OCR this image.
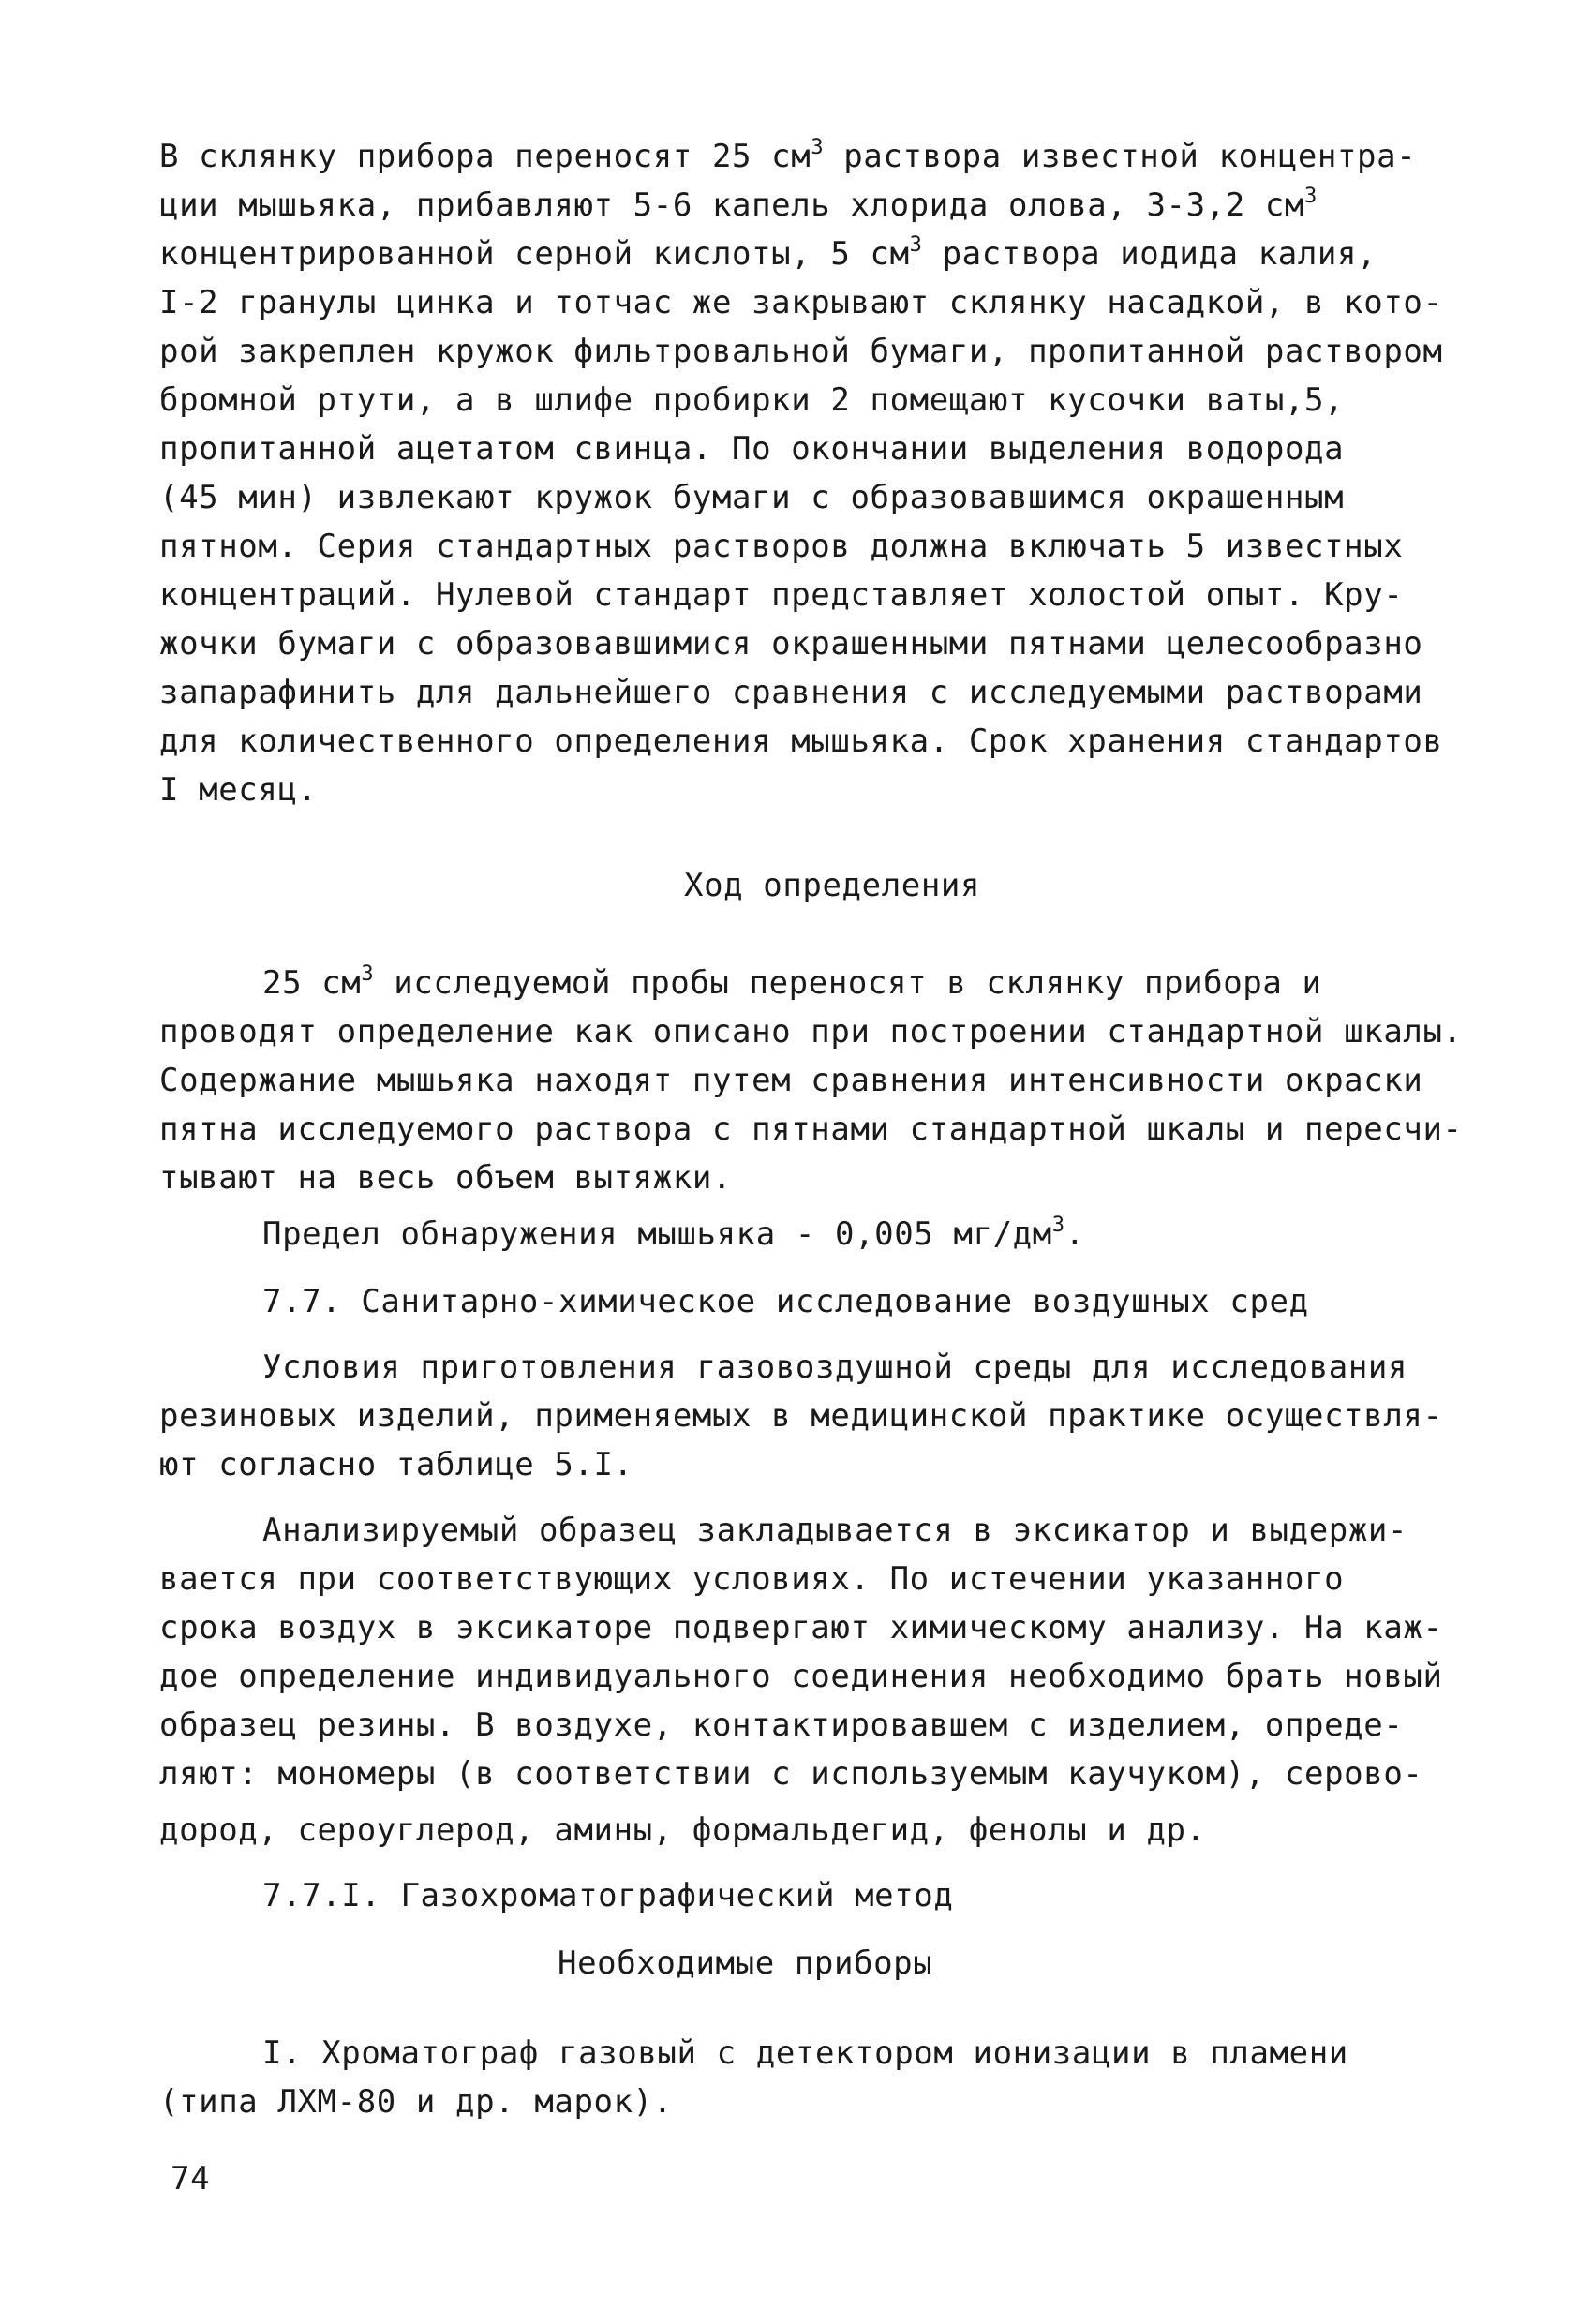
В склянку прибора переносят 25 $см^3$ раствора известной концентра-
ции мышьяка, прибавляют 5-6 капель хлорида олова, 3-3,2 $см^3$
концентрированной серной кислоты, 5 $см^3$ раствора иодида калия,
I-2 гранулы цинка и тотчас же закрывают склянку насадкой, в кото-
рой закреплен кружок фильтровальной бумаги, пропитанной раствором
бромной ртути, а в шлифе пробирки 2 помещают кусочки ваты,5,
пропитанной ацетатом свинца. По окончании выделения водорода
(45 мин) извлекают кружок бумаги с образовавшимся окрашенным
пятном. Серия стандартных растворов должна включать 5 известных
концентраций. Нулевой стандарт представляет холостой опыт. Кру-
жочки бумаги с образовавшимися окрашенными пятнами целесообразно
запарафинить для дальнейшего сравнения с исследуемыми растворами
для количественного определения мышьяка. Срок хранения стандартов
I месяц.
Ход определения
25 $см^3$ исследуемой пробы переносят в склянку прибора и
проводят определение как описано при построении стандартной шкалы.
Содержание мышьяка находят путем сравнения интенсивности окраски
пятна исследуемого раствора с пятнами стандартной шкалы и пересчи-
тывают на весь объем вытяжки.
Предел обнаружения мышьяка - 0,005 $мг/дм^3$.
7.7. Санитарно-химическое исследование воздушных сред
Условия приготовления газовоздушной среды для исследования
резиновых изделий, применяемых в медицинской практике осуществля-
ют согласно таблице 5.I.
Анализируемый образец закладывается в эксикатор и выдержи-
вается при соответствующих условиях. По истечении указанного
срока воздух в эксикаторе подвергают химическому анализу. На каж-
дое определение индивидуального соединения необходимо брать новый
образец резины. В воздухе, контактировавшем с изделием, опреде-
ляют: мономеры (в соответствии с используемым каучуком), серово-
дород, сероуглерод, амины, формальдегид, фенолы и др.
7.7.I. Газохроматографический метод
Необходимые приборы
I. Хроматограф газовый с детектором ионизации в пламени
(типа ЛХМ-80 и др. марок).
74
